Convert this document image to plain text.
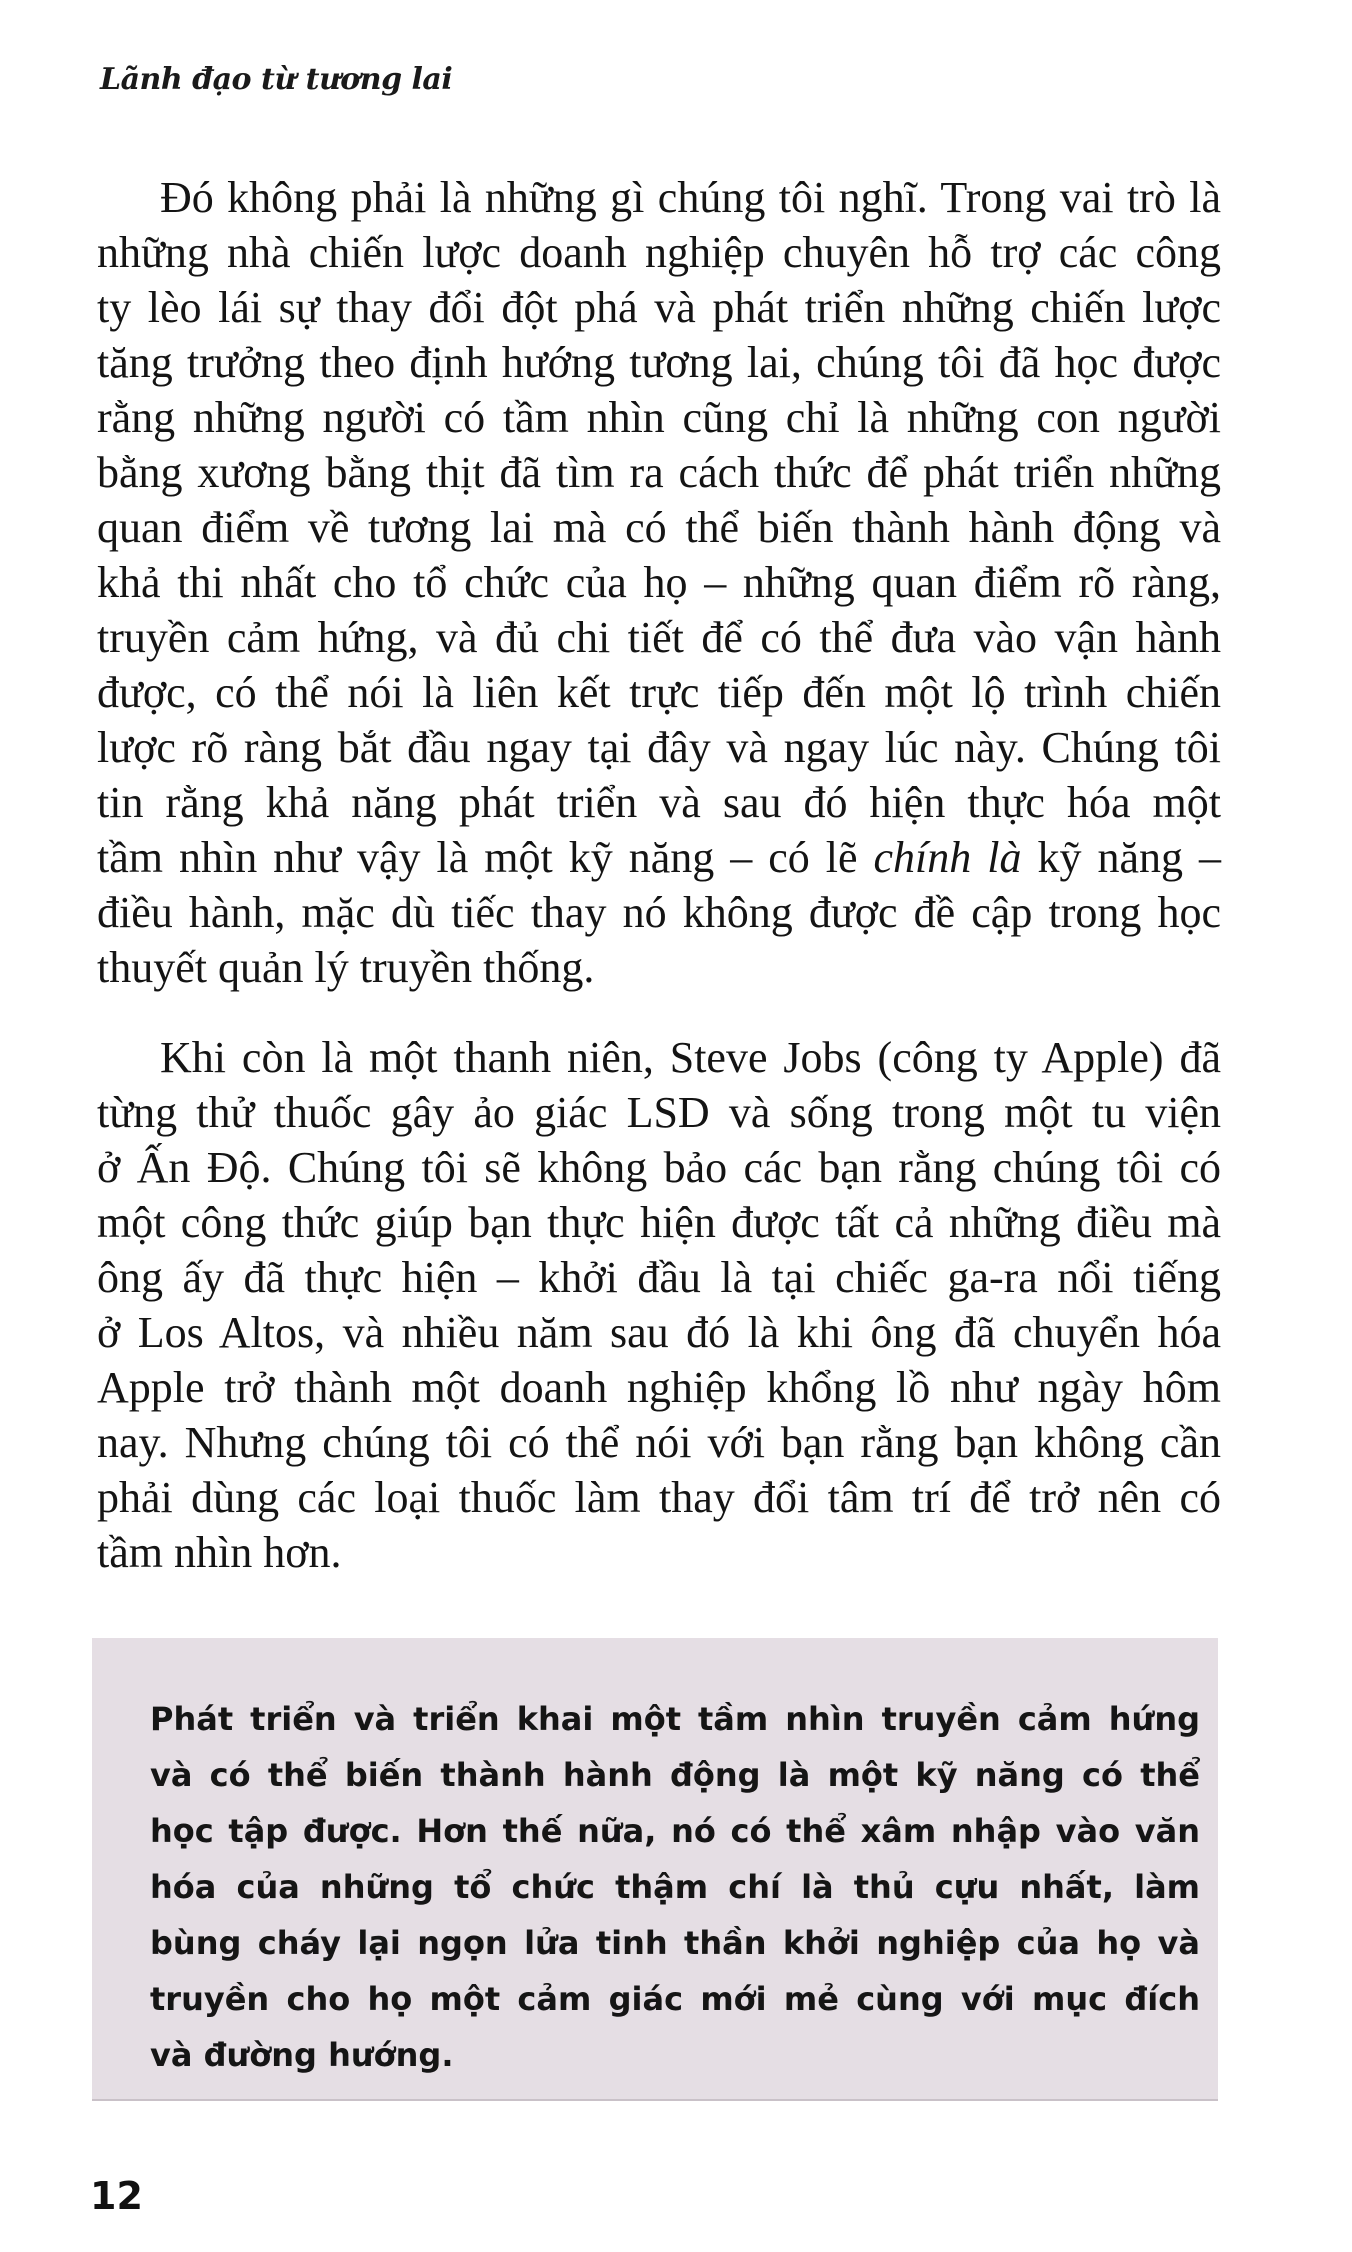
Lãnh đạo từ tương lai
Đó không phải là những gì chúng tôi nghĩ. Trong vai trò là
những nhà chiến lược doanh nghiệp chuyên hỗ trợ các công
ty lèo lái sự thay đổi đột phá và phát triển những chiến lược
tăng trưởng theo định hướng tương lai, chúng tôi đã học được
rằng những người có tầm nhìn cũng chỉ là những con người
bằng xương bằng thịt đã tìm ra cách thức để phát triển những
quan điểm về tương lai mà có thể biến thành hành động và
khả thi nhất cho tổ chức của họ – những quan điểm rõ ràng,
truyền cảm hứng, và đủ chi tiết để có thể đưa vào vận hành
được, có thể nói là liên kết trực tiếp đến một lộ trình chiến
lược rõ ràng bắt đầu ngay tại đây và ngay lúc này. Chúng tôi
tin rằng khả năng phát triển và sau đó hiện thực hóa một
tầm nhìn như vậy là một kỹ năng – có lẽ chính là kỹ năng –
điều hành, mặc dù tiếc thay nó không được đề cập trong học
thuyết quản lý truyền thống.
Khi còn là một thanh niên, Steve Jobs (công ty Apple) đã
từng thử thuốc gây ảo giác LSD và sống trong một tu viện
ở Ấn Độ. Chúng tôi sẽ không bảo các bạn rằng chúng tôi có
một công thức giúp bạn thực hiện được tất cả những điều mà
ông ấy đã thực hiện – khởi đầu là tại chiếc ga-ra nổi tiếng
ở Los Altos, và nhiều năm sau đó là khi ông đã chuyển hóa
Apple trở thành một doanh nghiệp khổng lồ như ngày hôm
nay. Nhưng chúng tôi có thể nói với bạn rằng bạn không cần
phải dùng các loại thuốc làm thay đổi tâm trí để trở nên có
tầm nhìn hơn.
Phát triển và triển khai một tầm nhìn truyền cảm hứng
và có thể biến thành hành động là một kỹ năng có thể
học tập được. Hơn thế nữa, nó có thể xâm nhập vào văn
hóa của những tổ chức thậm chí là thủ cựu nhất, làm
bùng cháy lại ngọn lửa tinh thần khởi nghiệp của họ và
truyền cho họ một cảm giác mới mẻ cùng với mục đích
và đường hướng.
12
